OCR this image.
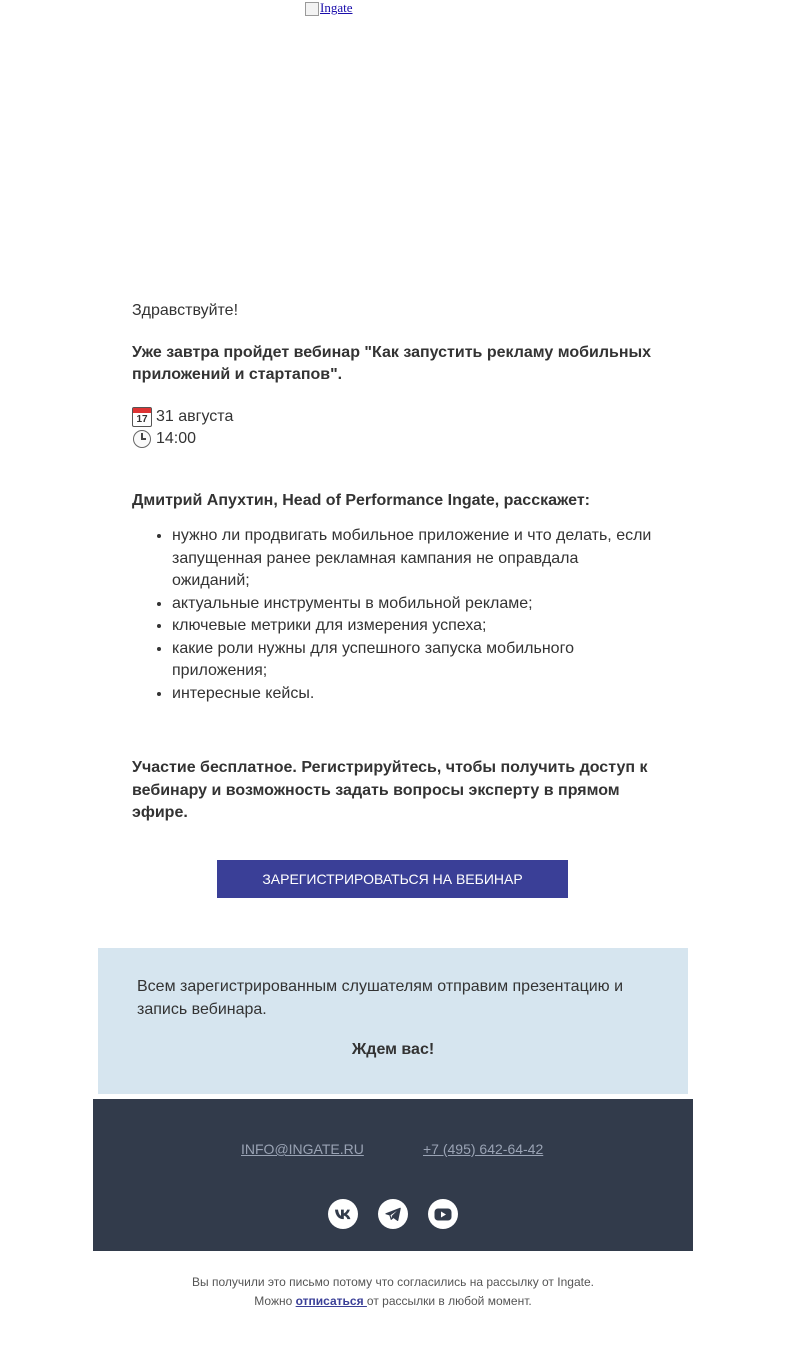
Ingate

Здравствуйте!

Уже завтра пройдет вебинар "Как запустить рекламу мобильных приложений и стартапов".

17 31 августа
14:00

Дмитрий Апухтин, Head of Performance Ingate, расскажет:

• нужно ли продвигать мобильное приложение и что делать, если запущенная ранее рекламная кампания не оправдала ожиданий;
• актуальные инструменты в мобильной рекламе;
• ключевые метрики для измерения успеха;
• какие роли нужны для успешного запуска мобильного приложения;
• интересные кейсы.

Участие бесплатное. Регистрируйтесь, чтобы получить доступ к вебинару и возможность задать вопросы эксперту в прямом эфире.

ЗАРЕГИСТРИРОВАТЬСЯ НА ВЕБИНАР

Всем зарегистрированным слушателям отправим презентацию и запись вебинара.

Ждем вас!

INFO@INGATE.RU	+7 (495) 642-64-42
Вы получили это письмо потому что согласились на рассылку от Ingate.
Можно отписаться от рассылки в любой момент.
